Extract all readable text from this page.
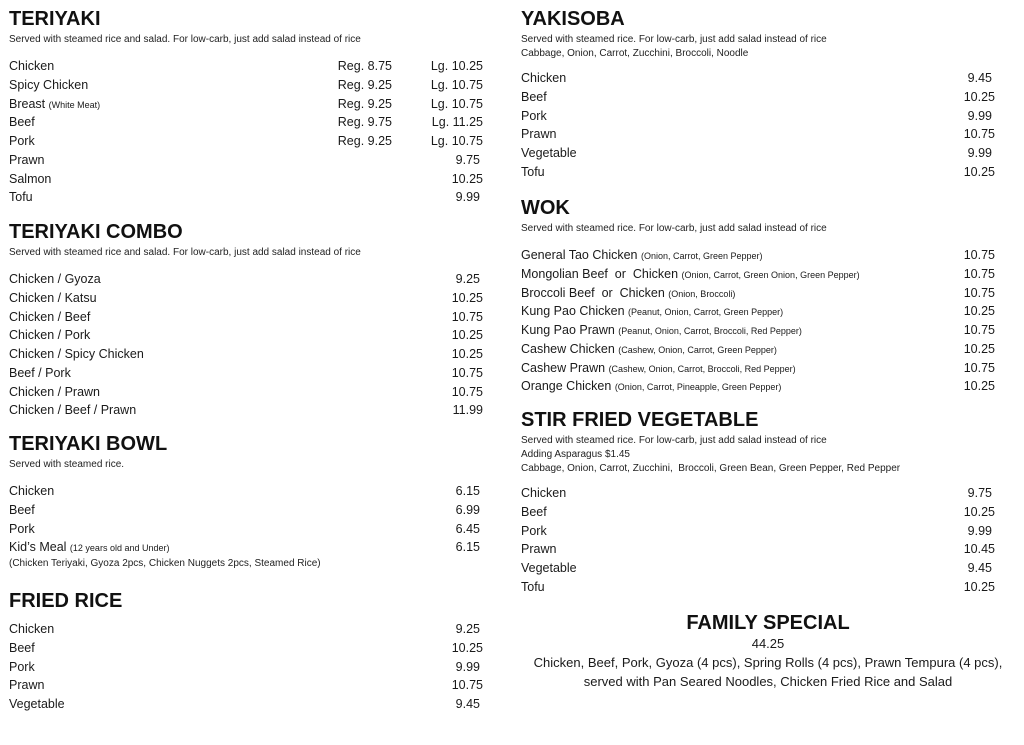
TERIYAKI
Served with steamed rice and salad. For low-carb, just add salad instead of rice
Chicken	Reg. 8.75	Lg. 10.25
Spicy Chicken	Reg. 9.25	Lg. 10.75
Breast (White Meat)	Reg. 9.25	Lg. 10.75
Beef	Reg. 9.75	Lg. 11.25
Pork	Reg. 9.25	Lg. 10.75
Prawn	9.75
Salmon	10.25
Tofu	9.99
TERIYAKI COMBO
Served with steamed rice and salad. For low-carb, just add salad instead of rice
Chicken / Gyoza	9.25
Chicken / Katsu	10.25
Chicken / Beef	10.75
Chicken / Pork	10.25
Chicken / Spicy Chicken	10.25
Beef / Pork	10.75
Chicken / Prawn	10.75
Chicken / Beef / Prawn	11.99
TERIYAKI BOWL
Served with steamed rice.
Chicken	6.15
Beef	6.99
Pork	6.45
Kid’s Meal (12 years old and Under)	6.15
(Chicken Teriyaki, Gyoza 2pcs, Chicken Nuggets 2pcs, Steamed Rice)
FRIED RICE
Chicken	9.25
Beef	10.25
Pork	9.99
Prawn	10.75
Vegetable	9.45
YAKISOBA
Served with steamed rice. For low-carb, just add salad instead of rice
Cabbage, Onion, Carrot, Zucchini, Broccoli, Noodle
Chicken	9.45
Beef	10.25
Pork	9.99
Prawn	10.75
Vegetable	9.99
Tofu	10.25
WOK
Served with steamed rice. For low-carb, just add salad instead of rice
General Tao Chicken (Onion, Carrot, Green Pepper)	10.75
Mongolian Beef  or  Chicken (Onion, Carrot, Green Onion, Green Pepper)	10.75
Broccoli Beef  or  Chicken (Onion, Broccoli)	10.75
Kung Pao Chicken (Peanut, Onion, Carrot, Green Pepper)	10.25
Kung Pao Prawn (Peanut, Onion, Carrot, Broccoli, Red Pepper)	10.75
Cashew Chicken (Cashew, Onion, Carrot, Green Pepper)	10.25
Cashew Prawn (Cashew, Onion, Carrot, Broccoli, Red Pepper)	10.75
Orange Chicken (Onion, Carrot, Pineapple, Green Pepper)	10.25
STIR FRIED VEGETABLE
Served with steamed rice. For low-carb, just add salad instead of rice
Adding Asparagus $1.45
Cabbage, Onion, Carrot, Zucchini,  Broccoli, Green Bean, Green Pepper, Red Pepper
Chicken	9.75
Beef	10.25
Pork	9.99
Prawn	10.45
Vegetable	9.45
Tofu	10.25
FAMILY SPECIAL
44.25
Chicken, Beef, Pork, Gyoza (4 pcs), Spring Rolls (4 pcs), Prawn Tempura (4 pcs),
served with Pan Seared Noodles, Chicken Fried Rice and Salad
